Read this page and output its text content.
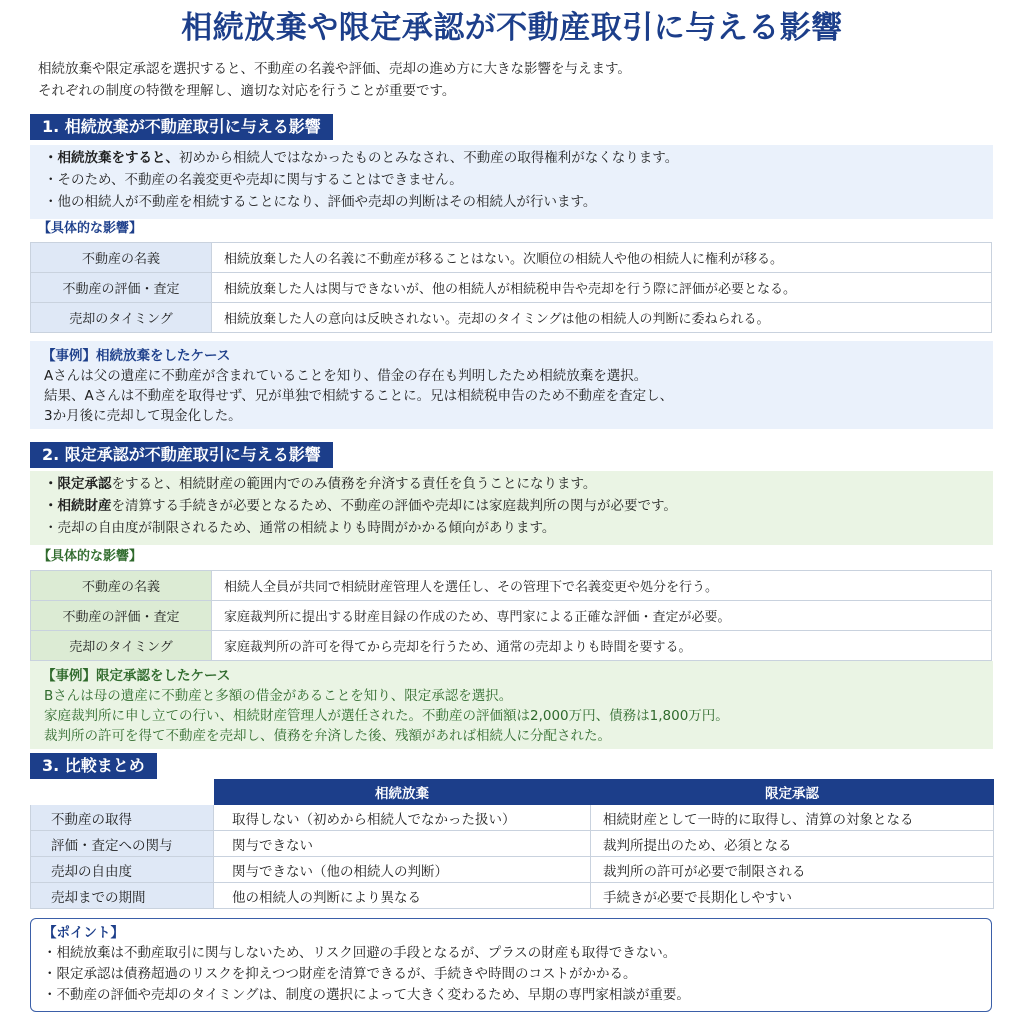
相続放棄や限定承認が不動産取引に与える影響
相続放棄や限定承認を選択すると、不動産の名義や評価、売却の進め方に大きな影響を与えます。
それぞれの制度の特徴を理解し、適切な対応を行うことが重要です。
1. 相続放棄が不動産取引に与える影響
・相続放棄をすると、初めから相続人ではなかったものとみなされ、不動産の取得権利がなくなります。
・そのため、不動産の名義変更や売却に関与することはできません。
・他の相続人が不動産を相続することになり、評価や売却の判断はその相続人が行います。
【具体的な影響】
不動産の名義	相続放棄した人の名義に不動産が移ることはない。次順位の相続人や他の相続人に権利が移る。
不動産の評価・査定	相続放棄した人は関与できないが、他の相続人が相続税申告や売却を行う際に評価が必要となる。
売却のタイミング	相続放棄した人の意向は反映されない。売却のタイミングは他の相続人の判断に委ねられる。
【事例】相続放棄をしたケース
Aさんは父の遺産に不動産が含まれていることを知り、借金の存在も判明したため相続放棄を選択。
結果、Aさんは不動産を取得せず、兄が単独で相続することに。兄は相続税申告のため不動産を査定し、
3か月後に売却して現金化した。
2. 限定承認が不動産取引に与える影響
・限定承認をすると、相続財産の範囲内でのみ債務を弁済する責任を負うことになります。
・相続財産を清算する手続きが必要となるため、不動産の評価や売却には家庭裁判所の関与が必要です。
・売却の自由度が制限されるため、通常の相続よりも時間がかかる傾向があります。
【具体的な影響】
不動産の名義	相続人全員が共同で相続財産管理人を選任し、その管理下で名義変更や処分を行う。
不動産の評価・査定	家庭裁判所に提出する財産目録の作成のため、専門家による正確な評価・査定が必要。
売却のタイミング	家庭裁判所の許可を得てから売却を行うため、通常の売却よりも時間を要する。
【事例】限定承認をしたケース
Bさんは母の遺産に不動産と多額の借金があることを知り、限定承認を選択。
家庭裁判所に申し立ての行い、相続財産管理人が選任された。不動産の評価額は2,000万円、債務は1,800万円。
裁判所の許可を得て不動産を売却し、債務を弁済した後、残額があれば相続人に分配された。
3. 比較まとめ
	相続放棄	限定承認
不動産の取得	取得しない（初めから相続人でなかった扱い）	相続財産として一時的に取得し、清算の対象となる
評価・査定への関与	関与できない	裁判所提出のため、必須となる
売却の自由度	関与できない（他の相続人の判断）	裁判所の許可が必要で制限される
売却までの期間	他の相続人の判断により異なる	手続きが必要で長期化しやすい
【ポイント】
・相続放棄は不動産取引に関与しないため、リスク回避の手段となるが、プラスの財産も取得できない。
・限定承認は債務超過のリスクを抑えつつ財産を清算できるが、手続きや時間のコストがかかる。
・不動産の評価や売却のタイミングは、制度の選択によって大きく変わるため、早期の専門家相談が重要。
